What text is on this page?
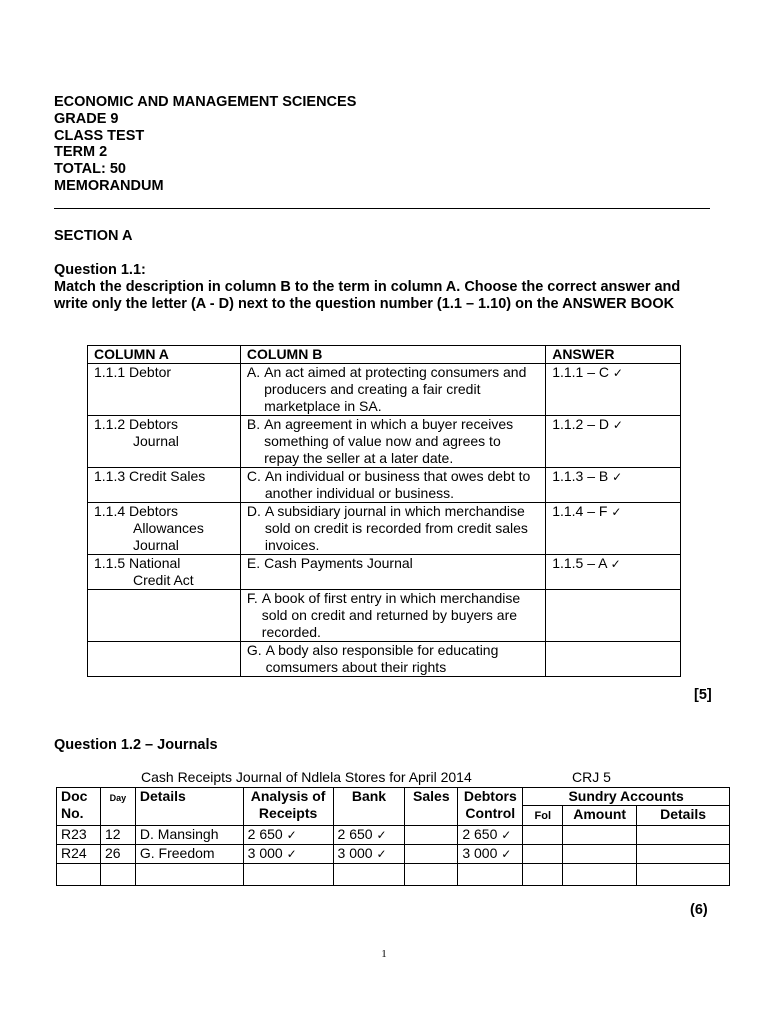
ECONOMIC AND MANAGEMENT SCIENCES
GRADE 9
CLASS TEST
TERM 2
TOTAL: 50
MEMORANDUM
SECTION A
Question 1.1:
Match the description in column B to the term in column A. Choose the correct answer and write only the letter (A - D) next to the question number (1.1 – 1.10) on the ANSWER BOOK
COLUMN A	COLUMN B	ANSWER

1.1.1 Debtor	A. An act aimed at protecting consumers and producers and creating a fair credit marketplace in SA.	1.1.1 – C ✓

1.1.2 Debtors
Journal	B. An agreement in which a buyer receives something of value now and agrees to repay the seller at a later date.	1.1.2 – D ✓

1.1.3 Credit Sales	C. An individual or business that owes debt to another individual or business.	1.1.3 – B ✓

1.1.4 Debtors
Allowances
Journal	D. A subsidiary journal in which merchandise sold on credit is recorded from credit sales invoices.	1.1.4 – F ✓

1.1.5 National
Credit Act	E. Cash Payments Journal	1.1.5 – A ✓

	F. A book of first entry in which merchandise sold on credit and returned by buyers are recorded.	

	G. A body also responsible for educating comsumers about their rights	

[5]
Question 1.2 – Journals
Cash Receipts Journal of Ndlela Stores for April 2014	CRJ 5
Doc No.	Day	Details	Analysis of Receipts	Bank	Sales	Debtors Control	Sundry Accounts		
							Fol	Amount	Details
R23	12	D. Mansingh	2 650 ✓	2 650 ✓		2 650 ✓			
R24	26	G. Freedom	3 000 ✓	3 000 ✓		3 000 ✓			

(6)
1
